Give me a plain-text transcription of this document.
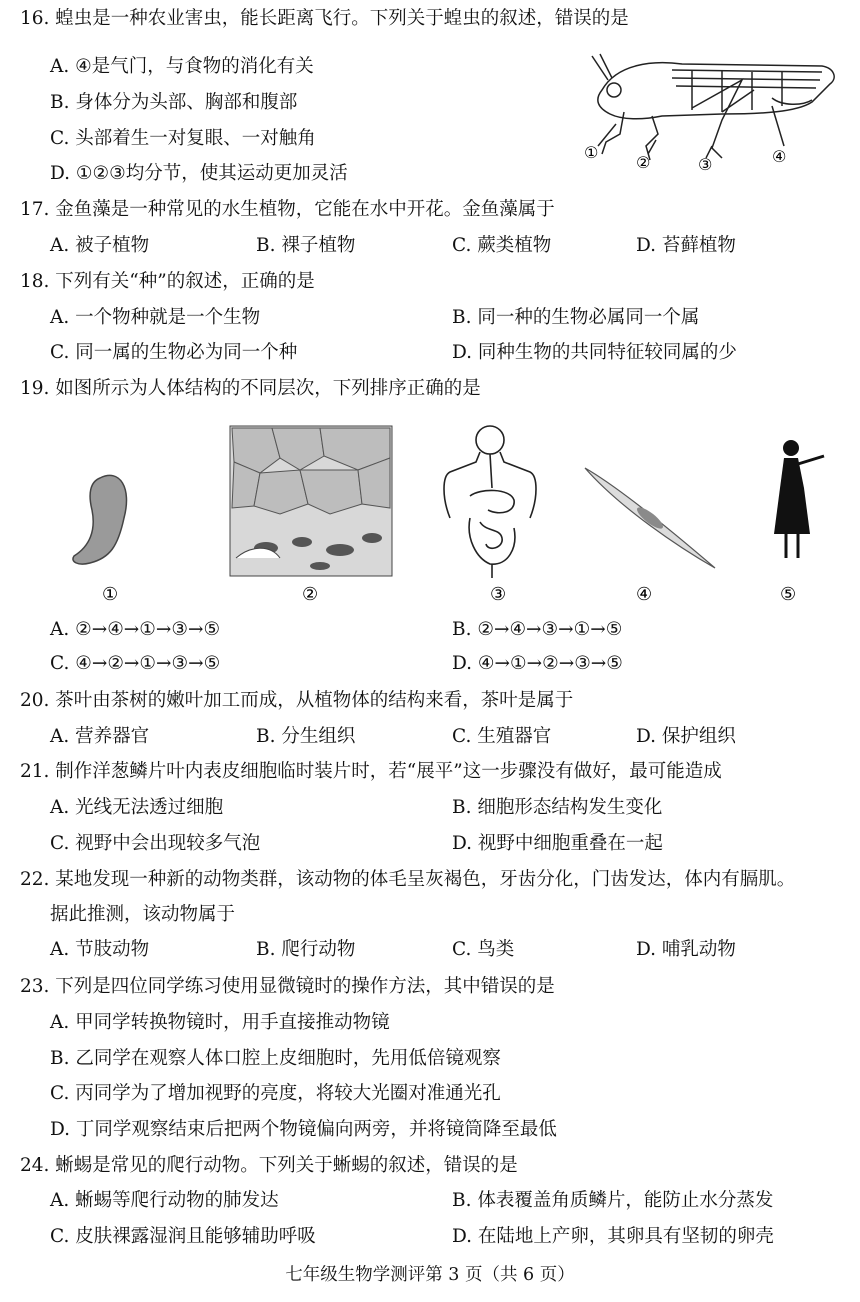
16. 蝗虫是一种农业害虫，能长距离飞行。下列关于蝗虫的叙述，错误的是
A. ④是气门，与食物的消化有关
B. 身体分为头部、胸部和腹部
C. 头部着生一对复眼、一对触角
D. ①②③均分节，使其运动更加灵活
①
②	③	④
17. 金鱼藻是一种常见的水生植物，它能在水中开花。金鱼藻属于
A. 被子植物	B. 裸子植物	C. 蕨类植物	D. 苔藓植物
18. 下列有关“种”的叙述，正确的是
A. 一个物种就是一个生物	B. 同一种的生物必属同一个属
C. 同一属的生物必为同一个种	D. 同种生物的共同特征较同属的少
19. 如图所示为人体结构的不同层次，下列排序正确的是
①	②	③	④	⑤
A. ②→④→①→③→⑤	B. ②→④→③→①→⑤
C. ④→②→①→③→⑤	D. ④→①→②→③→⑤
20. 茶叶由茶树的嫩叶加工而成，从植物体的结构来看，茶叶是属于
A. 营养器官	B. 分生组织	C. 生殖器官	D. 保护组织
21. 制作洋葱鳞片叶内表皮细胞临时装片时，若“展平”这一步骤没有做好，最可能造成
A. 光线无法透过细胞	B. 细胞形态结构发生变化
C. 视野中会出现较多气泡	D. 视野中细胞重叠在一起
22. 某地发现一种新的动物类群，该动物的体毛呈灰褐色，牙齿分化，门齿发达，体内有膈肌。
据此推测，该动物属于
A. 节肢动物	B. 爬行动物	C. 鸟类	D. 哺乳动物
23. 下列是四位同学练习使用显微镜时的操作方法，其中错误的是
A. 甲同学转换物镜时，用手直接推动物镜
B. 乙同学在观察人体口腔上皮细胞时，先用低倍镜观察
C. 丙同学为了增加视野的亮度，将较大光圈对准通光孔
D. 丁同学观察结束后把两个物镜偏向两旁，并将镜筒降至最低
24. 蜥蜴是常见的爬行动物。下列关于蜥蜴的叙述，错误的是
A. 蜥蜴等爬行动物的肺发达	B. 体表覆盖角质鳞片，能防止水分蒸发
C. 皮肤裸露湿润且能够辅助呼吸	D. 在陆地上产卵，其卵具有坚韧的卵壳
七年级生物学测评第 3 页（共 6 页）
